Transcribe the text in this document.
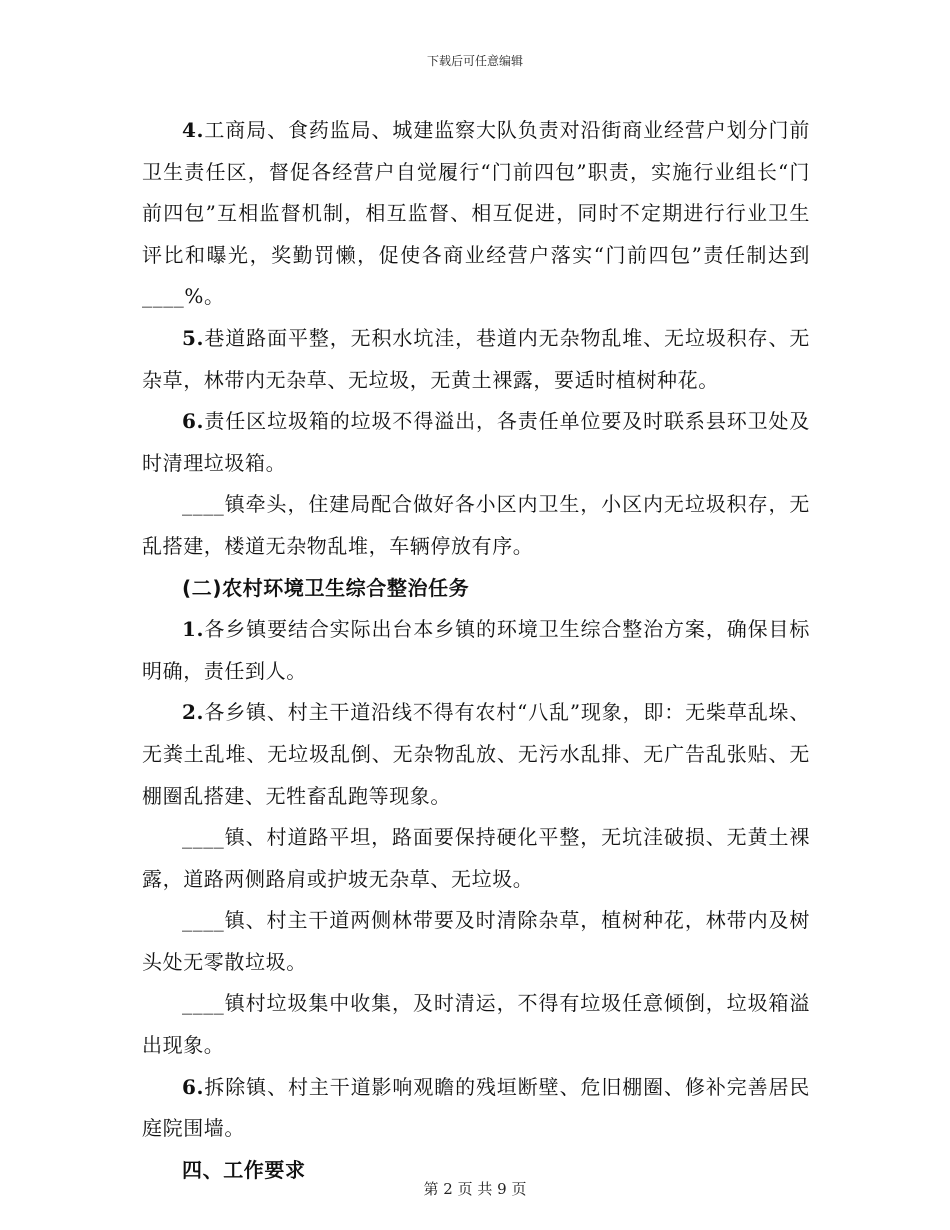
下载后可任意编辑

4.工商局、食药监局、城建监察大队负责对沿街商业经营户划分门前卫生责任区，督促各经营户自觉履行“门前四包”职责，实施行业组长“门前四包”互相监督机制，相互监督、相互促进，同时不定期进行行业卫生评比和曝光，奖勤罚懒，促使各商业经营户落实“门前四包”责任制达到____%。

5.巷道路面平整，无积水坑洼，巷道内无杂物乱堆、无垃圾积存、无杂草，林带内无杂草、无垃圾，无黄土裸露，要适时植树种花。

6.责任区垃圾箱的垃圾不得溢出，各责任单位要及时联系县环卫处及时清理垃圾箱。

____镇牵头，住建局配合做好各小区内卫生，小区内无垃圾积存，无乱搭建，楼道无杂物乱堆，车辆停放有序。

(二)农村环境卫生综合整治任务

1.各乡镇要结合实际出台本乡镇的环境卫生综合整治方案，确保目标明确，责任到人。

2.各乡镇、村主干道沿线不得有农村“八乱”现象，即：无柴草乱垛、无粪土乱堆、无垃圾乱倒、无杂物乱放、无污水乱排、无广告乱张贴、无棚圈乱搭建、无牲畜乱跑等现象。

____镇、村道路平坦，路面要保持硬化平整，无坑洼破损、无黄土裸露，道路两侧路肩或护坡无杂草、无垃圾。

____镇、村主干道两侧林带要及时清除杂草，植树种花，林带内及树头处无零散垃圾。

____镇村垃圾集中收集，及时清运，不得有垃圾任意倾倒，垃圾箱溢出现象。

6.拆除镇、村主干道影响观瞻的残垣断壁、危旧棚圈、修补完善居民庭院围墙。

四、工作要求

第 2 页 共 9 页
